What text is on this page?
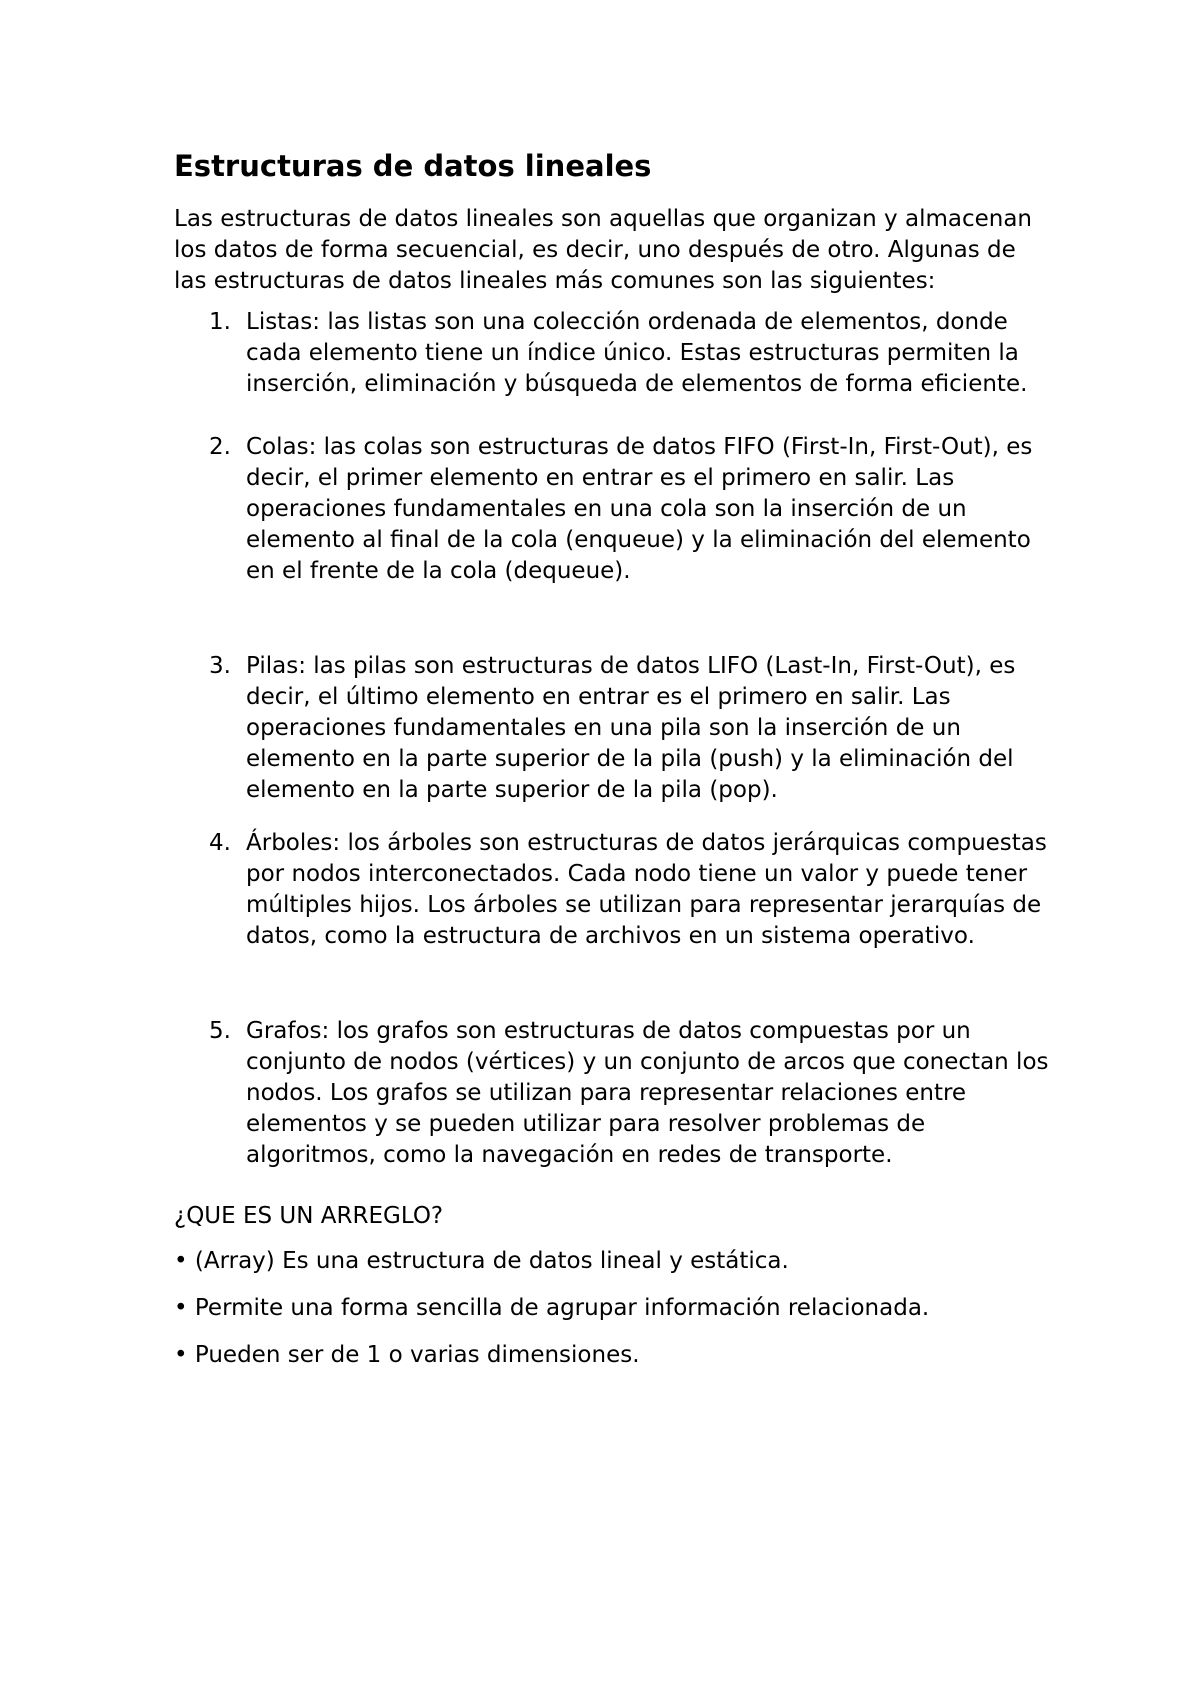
Estructuras de datos lineales

Las estructuras de datos lineales son aquellas que organizan y almacenan los datos de forma secuencial, es decir, uno después de otro. Algunas de las estructuras de datos lineales más comunes son las siguientes:

1. Listas: las listas son una colección ordenada de elementos, donde cada elemento tiene un índice único. Estas estructuras permiten la inserción, eliminación y búsqueda de elementos de forma eficiente.
2. Colas: las colas son estructuras de datos FIFO (First-In, First-Out), es decir, el primer elemento en entrar es el primero en salir. Las operaciones fundamentales en una cola son la inserción de un elemento al final de la cola (enqueue) y la eliminación del elemento en el frente de la cola (dequeue).
3. Pilas: las pilas son estructuras de datos LIFO (Last-In, First-Out), es decir, el último elemento en entrar es el primero en salir. Las operaciones fundamentales en una pila son la inserción de un elemento en la parte superior de la pila (push) y la eliminación del elemento en la parte superior de la pila (pop).
4. Árboles: los árboles son estructuras de datos jerárquicas compuestas por nodos interconectados. Cada nodo tiene un valor y puede tener múltiples hijos. Los árboles se utilizan para representar jerarquías de datos, como la estructura de archivos en un sistema operativo.
5. Grafos: los grafos son estructuras de datos compuestas por un conjunto de nodos (vértices) y un conjunto de arcos que conectan los nodos. Los grafos se utilizan para representar relaciones entre elementos y se pueden utilizar para resolver problemas de algoritmos, como la navegación en redes de transporte.

¿QUE ES UN ARREGLO?

• (Array) Es una estructura de datos lineal y estática.
• Permite una forma sencilla de agrupar información relacionada.
• Pueden ser de 1 o varias dimensiones.
